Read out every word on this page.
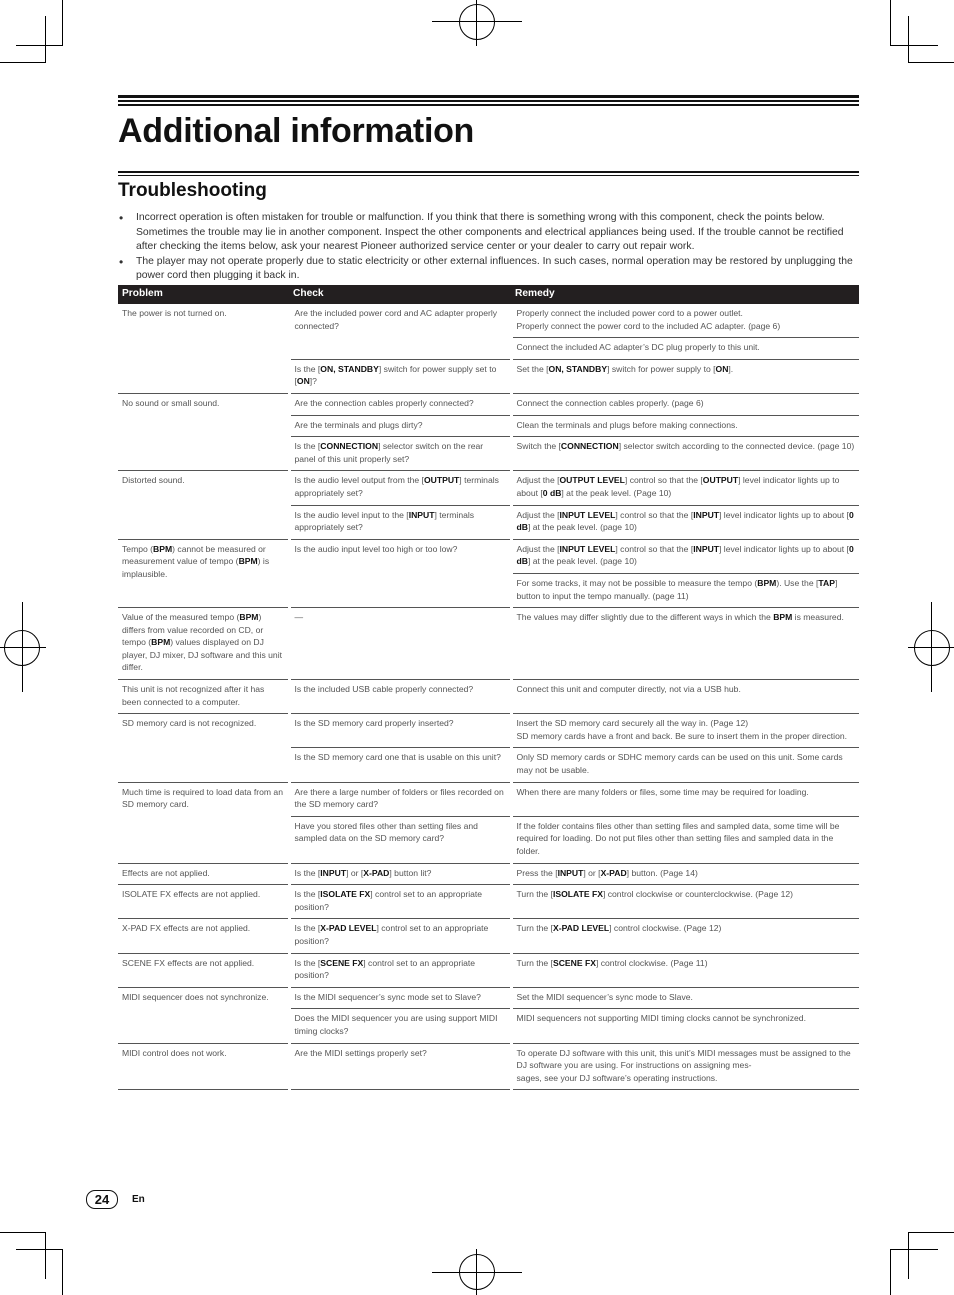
Additional information
Troubleshooting
• Incorrect operation is often mistaken for trouble or malfunction. If you think that there is something wrong with this component, check the points below. Sometimes the trouble may lie in another component. Inspect the other components and electrical appliances being used. If the trouble cannot be rectified after checking the items below, ask your nearest Pioneer authorized service center or your dealer to carry out repair work.
• The player may not operate properly due to static electricity or other external influences. In such cases, normal operation may be restored by unplugging the power cord then plugging it back in.
Problem	Check	Remedy
The power is not turned on.	Are the included power cord and AC adapter properly connected?	Properly connect the included power cord to a power outlet.
Properly connect the power cord to the included AC adapter. (page 6)
		Connect the included AC adapter’s DC plug properly to this unit.
	Is the [ON, STANDBY] switch for power supply set to [ON]?	Set the [ON, STANDBY] switch for power supply to [ON].
No sound or small sound.	Are the connection cables properly connected?	Connect the connection cables properly. (page 6)
	Are the terminals and plugs dirty?	Clean the terminals and plugs before making connections.
	Is the [CONNECTION] selector switch on the rear panel of this unit properly set?	Switch the [CONNECTION] selector switch according to the connected device. (page 10)
Distorted sound.	Is the audio level output from the [OUTPUT] terminals appropriately set?	Adjust the [OUTPUT LEVEL] control so that the [OUTPUT] level indicator lights up to about [0 dB] at the peak level. (Page 10)
	Is the audio level input to the [INPUT] terminals appropriately set?	Adjust the [INPUT LEVEL] control so that the [INPUT] level indicator lights up to about [0 dB] at the peak level. (page 10)
Tempo (BPM) cannot be measured or measurement value of tempo (BPM) is implausible.	Is the audio input level too high or too low?	Adjust the [INPUT LEVEL] control so that the [INPUT] level indicator lights up to about [0 dB] at the peak level. (page 10)
		For some tracks, it may not be possible to measure the tempo (BPM). Use the [TAP] button to input the tempo manually. (page 11)
Value of the measured tempo (BPM) differs from value recorded on CD, or tempo (BPM) values displayed on DJ player, DJ mixer, DJ software and this unit differ.	—	The values may differ slightly due to the different ways in which the BPM is measured.
This unit is not recognized after it has been connected to a computer.	Is the included USB cable properly connected?	Connect this unit and computer directly, not via a USB hub.
SD memory card is not recognized.	Is the SD memory card properly inserted?	Insert the SD memory card securely all the way in. (Page 12)
SD memory cards have a front and back. Be sure to insert them in the proper direction.
	Is the SD memory card one that is usable on this unit?	Only SD memory cards or SDHC memory cards can be used on this unit. Some cards may not be usable.
Much time is required to load data from an SD memory card.	Are there a large number of folders or files recorded on the SD memory card?	When there are many folders or files, some time may be required for loading.
	Have you stored files other than setting files and sampled data on the SD memory card?	If the folder contains files other than setting files and sampled data, some time will be required for loading. Do not put files other than setting files and sampled data in the folder.
Effects are not applied.	Is the [INPUT] or [X-PAD] button lit?	Press the [INPUT] or [X-PAD] button. (Page 14)
ISOLATE FX effects are not applied.	Is the [ISOLATE FX] control set to an appropriate position?	Turn the [ISOLATE FX] control clockwise or counterclockwise. (Page 12)
X-PAD FX effects are not applied.	Is the [X-PAD LEVEL] control set to an appropriate position?	Turn the [X-PAD LEVEL] control clockwise. (Page 12)
SCENE FX effects are not applied.	Is the [SCENE FX] control set to an appropriate position?	Turn the [SCENE FX] control clockwise. (Page 11)
MIDI sequencer does not synchronize.	Is the MIDI sequencer’s sync mode set to Slave?	Set the MIDI sequencer’s sync mode to Slave.
	Does the MIDI sequencer you are using support MIDI timing clocks?	MIDI sequencers not supporting MIDI timing clocks cannot be synchronized.
MIDI control does not work.	Are the MIDI settings properly set?	To operate DJ software with this unit, this unit’s MIDI messages must be assigned to the DJ software you are using. For instructions on assigning mes-
sages, see your DJ software’s operating instructions.
24	En
